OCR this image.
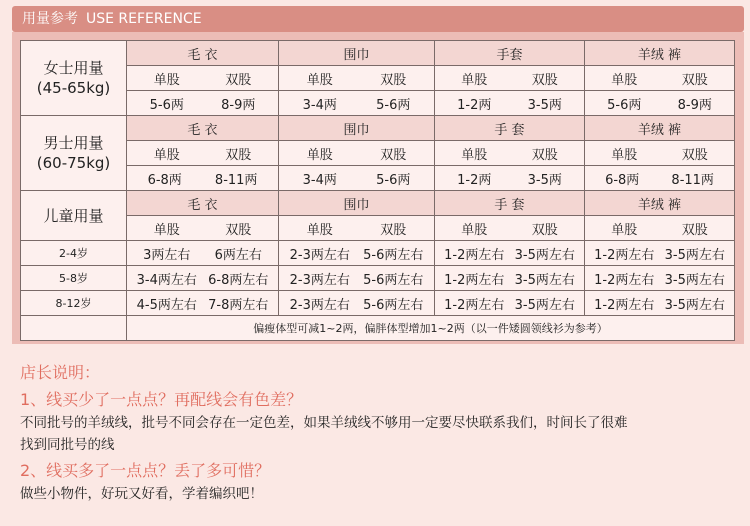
用量参考 USE REFERENCE
女士用量
(45-65kg)	毛 衣	围巾	手套	羊绒 裤

	单股 双股	单股 双股	单股 双股	单股 双股

	5-6两 8-9两	3-4两 5-6两	1-2两 3-5两	5-6两 8-9两

男士用量
(60-75kg)	毛 衣	围巾	手 套	羊绒 裤

	单股 双股	单股 双股	单股 双股	单股 双股

	6-8两 8-11两	3-4两 5-6两	1-2两 3-5两	6-8两 8-11两

儿童用量	毛 衣	围巾	手 套	羊绒 裤

	单股 双股	单股 双股	单股 双股	单股 双股

2-4岁	3两左右 6两左右	2-3两左右 5-6两左右	1-2两左右 3-5两左右	1-2两左右 3-5两左右

5-8岁	3-4两左右 6-8两左右	2-3两左右 5-6两左右	1-2两左右 3-5两左右	1-2两左右 3-5两左右

8-12岁	4-5两左右 7-8两左右	2-3两左右 5-6两左右	1-2两左右 3-5两左右	1-2两左右 3-5两左右

	偏瘦体型可减1~2两，偏胖体型增加1~2两（以一件矮圆领线衫为参考）			
店长说明：
1、线买少了一点点？再配线会有色差？
不同批号的羊绒线，批号不同会存在一定色差，如果羊绒线不够用一定要尽快联系我们，时间长了很难
找到同批号的线
2、线买多了一点点？丢了多可惜？
做些小物件，好玩又好看，学着编织吧！
